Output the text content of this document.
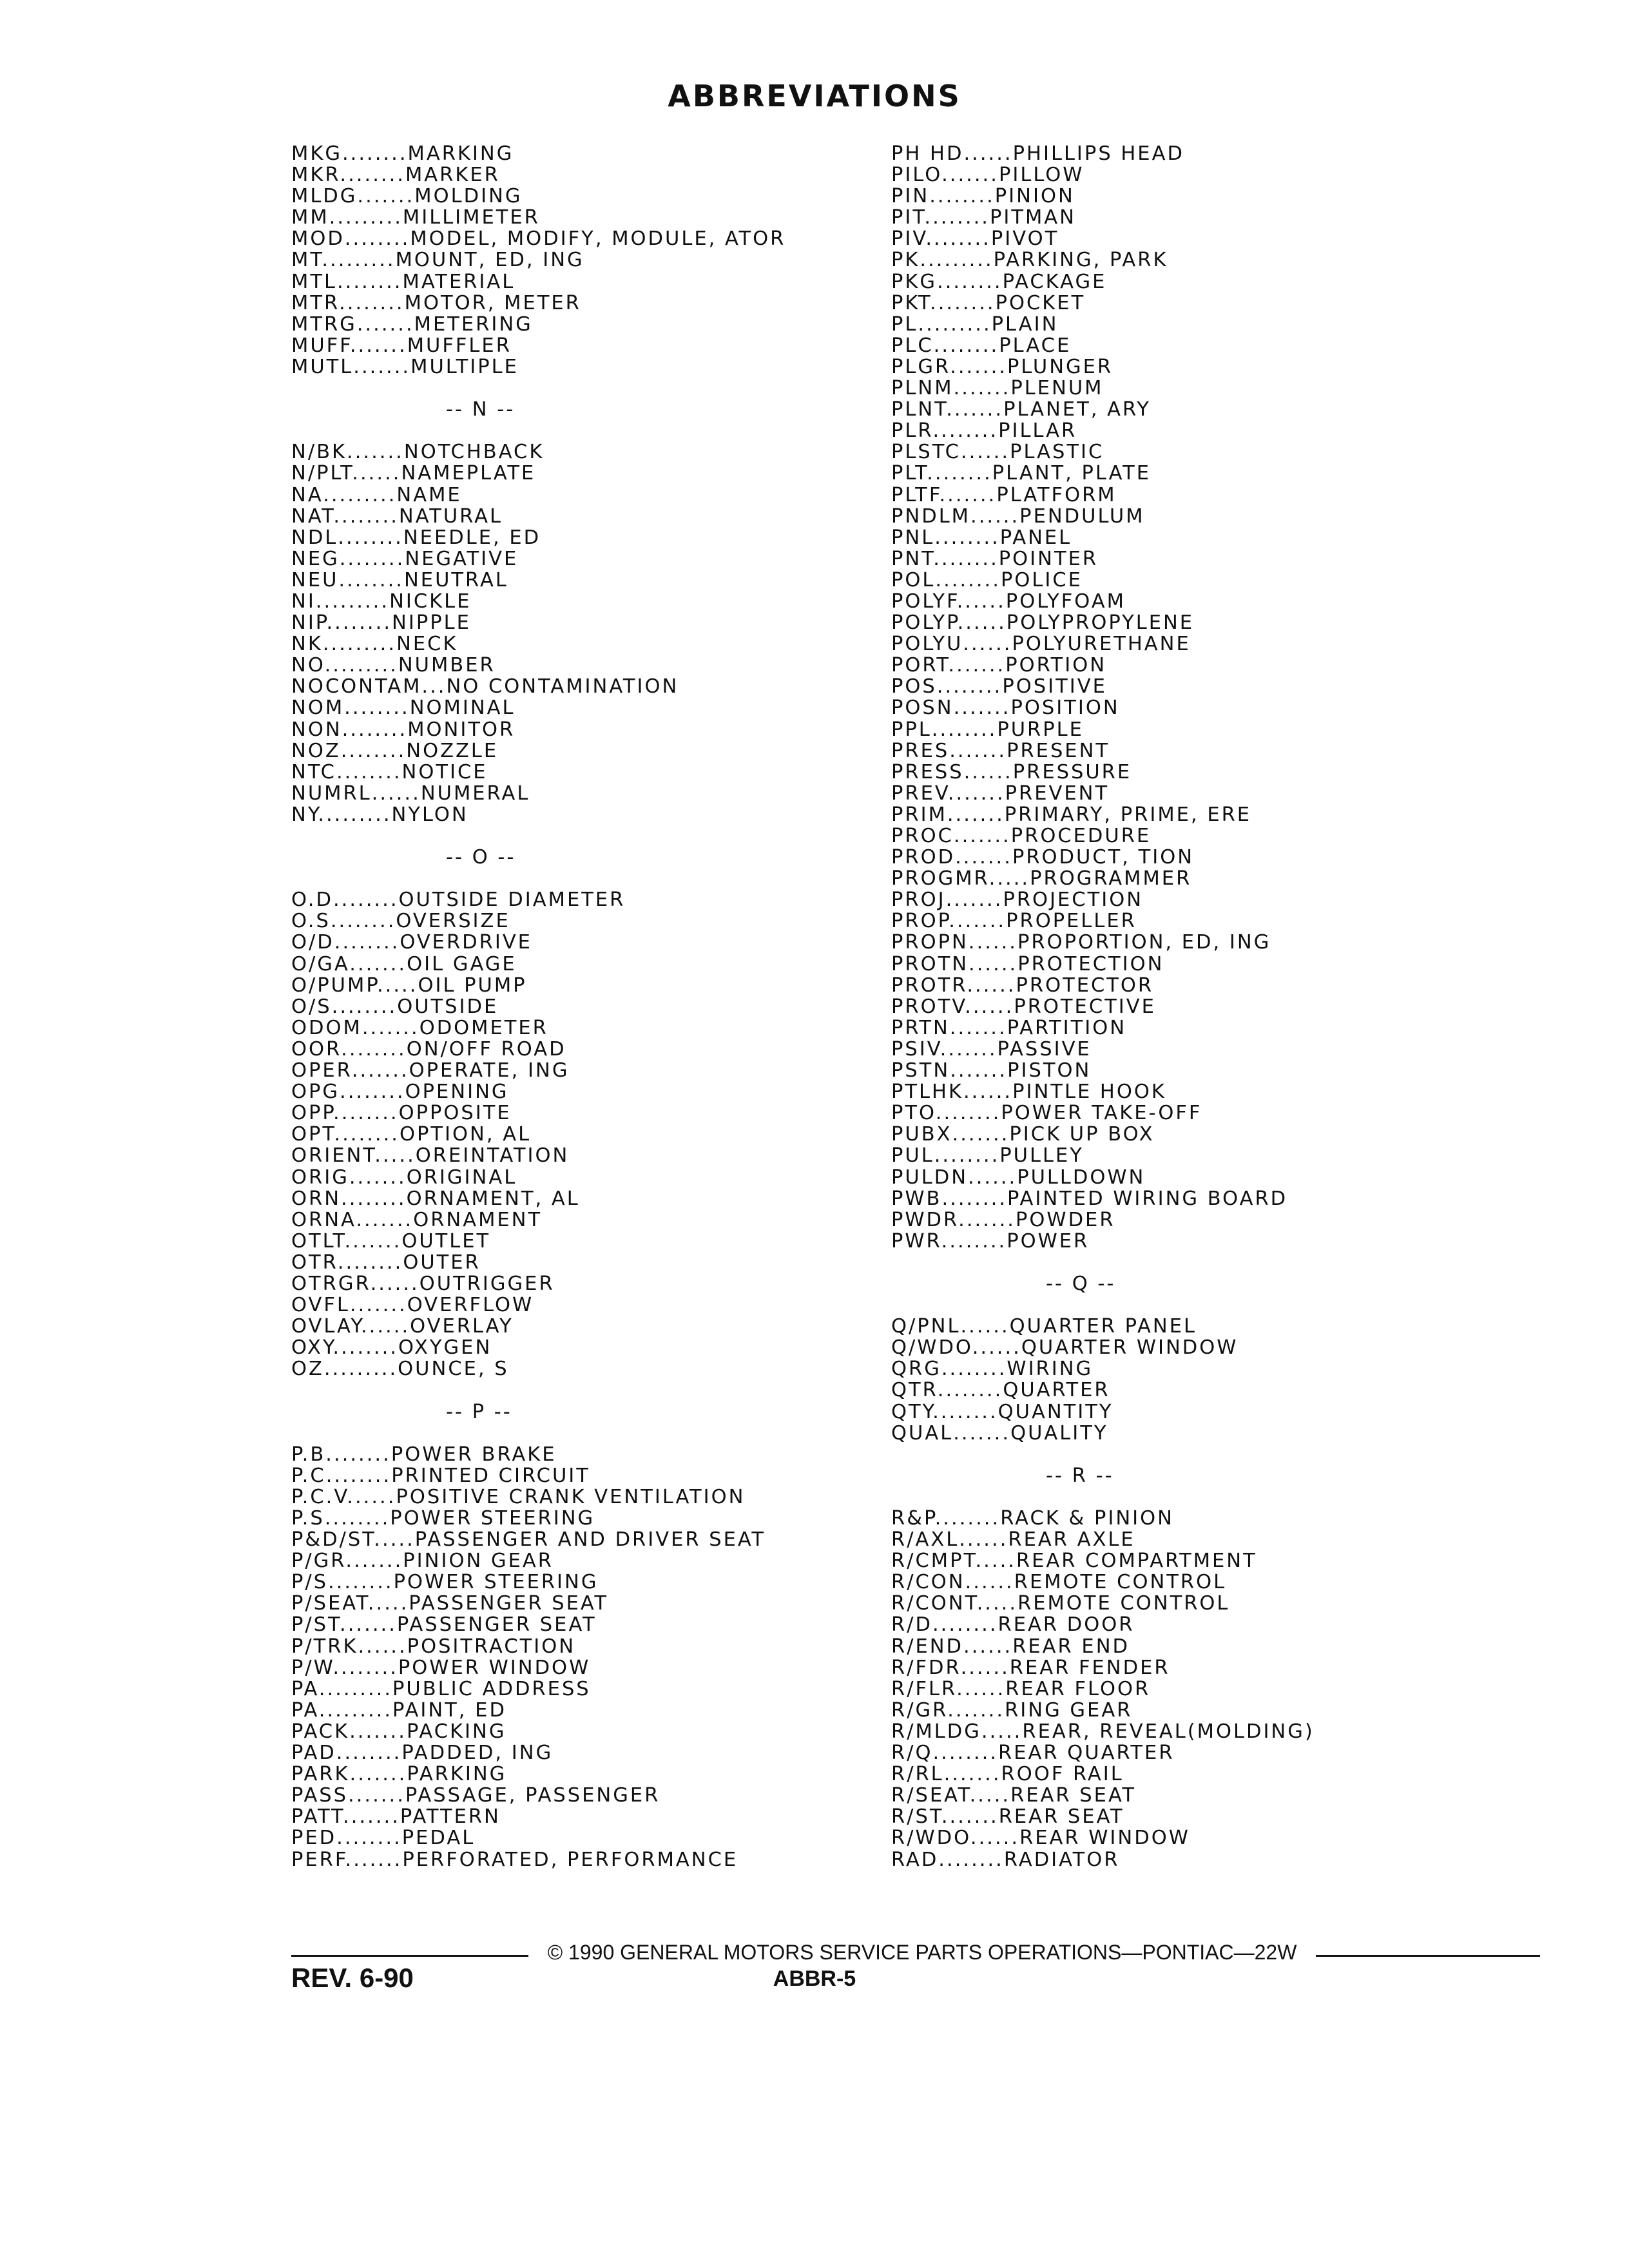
ABBREVIATIONS
MKG........MARKING
MKR........MARKER
MLDG.......MOLDING
MM.........MILLIMETER
MOD........MODEL, MODIFY, MODULE, ATOR
MT.........MOUNT, ED, ING
MTL........MATERIAL
MTR........MOTOR, METER
MTRG.......METERING
MUFF.......MUFFLER
MUTL.......MULTIPLE
-- N --
N/BK.......NOTCHBACK
N/PLT......NAMEPLATE
NA.........NAME
NAT........NATURAL
NDL........NEEDLE, ED
NEG........NEGATIVE
NEU........NEUTRAL
NI.........NICKLE
NIP........NIPPLE
NK.........NECK
NO.........NUMBER
NOCONTAM...NO CONTAMINATION
NOM........NOMINAL
NON........MONITOR
NOZ........NOZZLE
NTC........NOTICE
NUMRL......NUMERAL
NY.........NYLON
-- O --
O.D........OUTSIDE DIAMETER
O.S........OVERSIZE
O/D........OVERDRIVE
O/GA.......OIL GAGE
O/PUMP.....OIL PUMP
O/S........OUTSIDE
ODOM.......ODOMETER
OOR........ON/OFF ROAD
OPER.......OPERATE, ING
OPG........OPENING
OPP........OPPOSITE
OPT........OPTION, AL
ORIENT.....OREINTATION
ORIG.......ORIGINAL
ORN........ORNAMENT, AL
ORNA.......ORNAMENT
OTLT.......OUTLET
OTR........OUTER
OTRGR......OUTRIGGER
OVFL.......OVERFLOW
OVLAY......OVERLAY
OXY........OXYGEN
OZ.........OUNCE, S
-- P --
P.B........POWER BRAKE
P.C........PRINTED CIRCUIT
P.C.V......POSITIVE CRANK VENTILATION
P.S........POWER STEERING
P&D/ST.....PASSENGER AND DRIVER SEAT
P/GR.......PINION GEAR
P/S........POWER STEERING
P/SEAT.....PASSENGER SEAT
P/ST.......PASSENGER SEAT
P/TRK......POSITRACTION
P/W........POWER WINDOW
PA.........PUBLIC ADDRESS
PA.........PAINT, ED
PACK.......PACKING
PAD........PADDED, ING
PARK.......PARKING
PASS.......PASSAGE, PASSENGER
PATT.......PATTERN
PED........PEDAL
PERF.......PERFORATED, PERFORMANCE
PH HD......PHILLIPS HEAD
PILO.......PILLOW
PIN........PINION
PIT........PITMAN
PIV........PIVOT
PK.........PARKING, PARK
PKG........PACKAGE
PKT........POCKET
PL.........PLAIN
PLC........PLACE
PLGR.......PLUNGER
PLNM.......PLENUM
PLNT.......PLANET, ARY
PLR........PILLAR
PLSTC......PLASTIC
PLT........PLANT, PLATE
PLTF.......PLATFORM
PNDLM......PENDULUM
PNL........PANEL
PNT........POINTER
POL........POLICE
POLYF......POLYFOAM
POLYP......POLYPROPYLENE
POLYU......POLYURETHANE
PORT.......PORTION
POS........POSITIVE
POSN.......POSITION
PPL........PURPLE
PRES.......PRESENT
PRESS......PRESSURE
PREV.......PREVENT
PRIM.......PRIMARY, PRIME, ERE
PROC.......PROCEDURE
PROD.......PRODUCT, TION
PROGMR.....PROGRAMMER
PROJ.......PROJECTION
PROP.......PROPELLER
PROPN......PROPORTION, ED, ING
PROTN......PROTECTION
PROTR......PROTECTOR
PROTV......PROTECTIVE
PRTN.......PARTITION
PSIV.......PASSIVE
PSTN.......PISTON
PTLHK......PINTLE HOOK
PTO........POWER TAKE-OFF
PUBX.......PICK UP BOX
PUL........PULLEY
PULDN......PULLDOWN
PWB........PAINTED WIRING BOARD
PWDR.......POWDER
PWR........POWER
-- Q --
Q/PNL......QUARTER PANEL
Q/WDO......QUARTER WINDOW
QRG........WIRING
QTR........QUARTER
QTY........QUANTITY
QUAL.......QUALITY
-- R --
R&P........RACK & PINION
R/AXL......REAR AXLE
R/CMPT.....REAR COMPARTMENT
R/CON......REMOTE CONTROL
R/CONT.....REMOTE CONTROL
R/D........REAR DOOR
R/END......REAR END
R/FDR......REAR FENDER
R/FLR......REAR FLOOR
R/GR.......RING GEAR
R/MLDG.....REAR, REVEAL(MOLDING)
R/Q........REAR QUARTER
R/RL.......ROOF RAIL
R/SEAT.....REAR SEAT
R/ST.......REAR SEAT
R/WDO......REAR WINDOW
RAD........RADIATOR
© 1990 GENERAL MOTORS SERVICE PARTS OPERATIONS—PONTIAC—22W
REV. 6-90	ABBR-5
